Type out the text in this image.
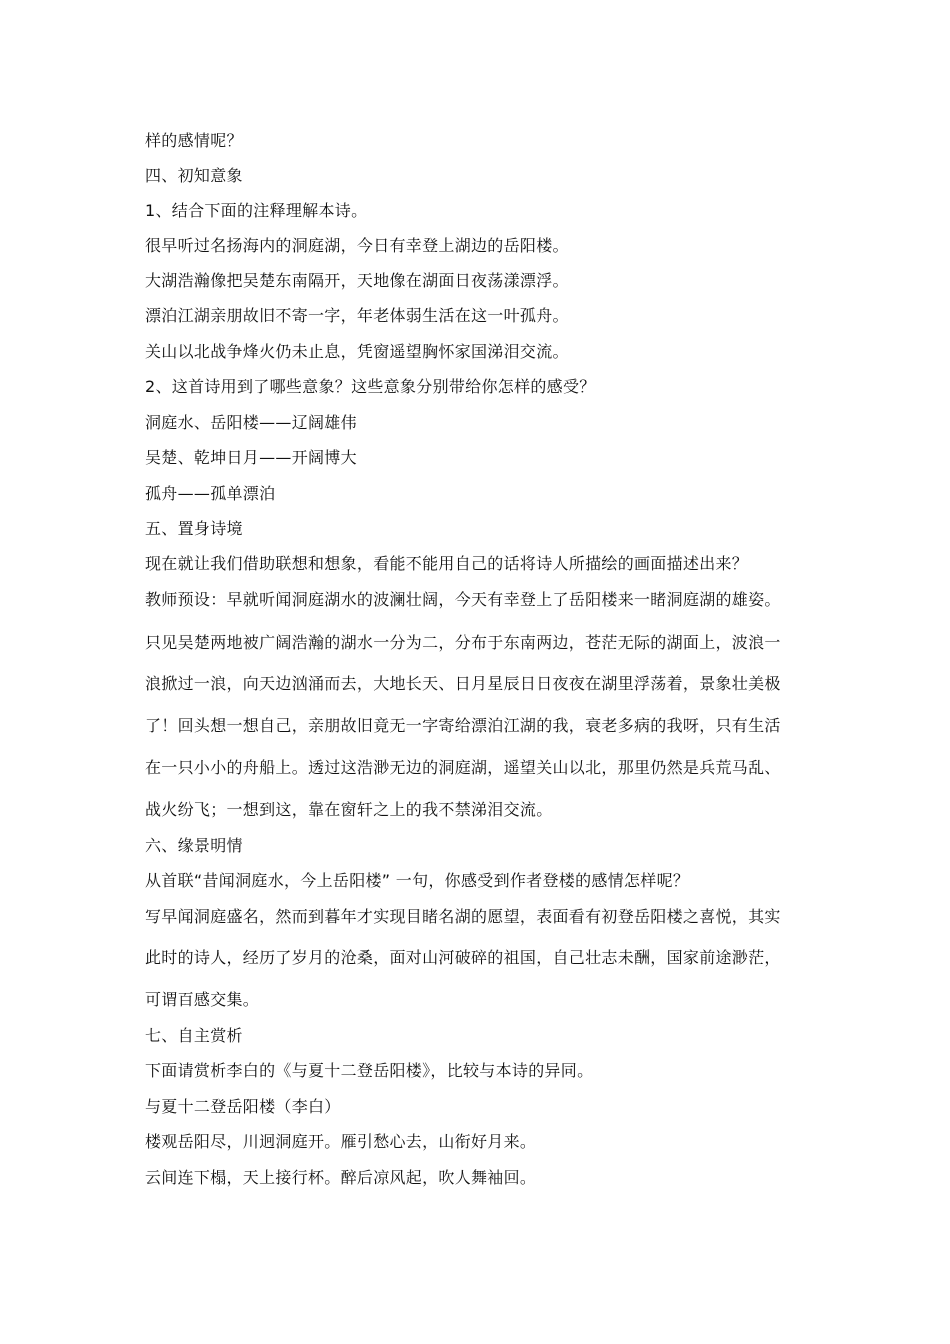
样的感情呢？
四、初知意象
1、结合下面的注释理解本诗。
很早听过名扬海内的洞庭湖，今日有幸登上湖边的岳阳楼。
大湖浩瀚像把吴楚东南隔开，天地像在湖面日夜荡漾漂浮。
漂泊江湖亲朋故旧不寄一字，年老体弱生活在这一叶孤舟。
关山以北战争烽火仍未止息，凭窗遥望胸怀家国涕泪交流。
2、这首诗用到了哪些意象？这些意象分别带给你怎样的感受？
洞庭水、岳阳楼——辽阔雄伟
吴楚、乾坤日月——开阔博大
孤舟——孤单漂泊
五、置身诗境
现在就让我们借助联想和想象，看能不能用自己的话将诗人所描绘的画面描述出来？
教师预设：早就听闻洞庭湖水的波澜壮阔，今天有幸登上了岳阳楼来一睹洞庭湖的雄姿。
只见吴楚两地被广阔浩瀚的湖水一分为二，分布于东南两边，苍茫无际的湖面上，波浪一
浪掀过一浪，向天边汹涌而去，大地长天、日月星辰日日夜夜在湖里浮荡着，景象壮美极
了！回头想一想自己，亲朋故旧竟无一字寄给漂泊江湖的我，衰老多病的我呀，只有生活
在一只小小的舟船上。透过这浩渺无边的洞庭湖，遥望关山以北，那里仍然是兵荒马乱、
战火纷飞；一想到这，靠在窗轩之上的我不禁涕泪交流。
六、缘景明情
从首联“昔闻洞庭水，今上岳阳楼” 一句，你感受到作者登楼的感情怎样呢？
写早闻洞庭盛名，然而到暮年才实现目睹名湖的愿望，表面看有初登岳阳楼之喜悦，其实
此时的诗人，经历了岁月的沧桑，面对山河破碎的祖国，自己壮志未酬，国家前途渺茫，
可谓百感交集。
七、自主赏析
下面请赏析李白的《与夏十二登岳阳楼》，比较与本诗的异同。
与夏十二登岳阳楼（李白）
楼观岳阳尽，川迥洞庭开。雁引愁心去，山衔好月来。
云间连下榻，天上接行杯。醉后凉风起，吹人舞袖回。
